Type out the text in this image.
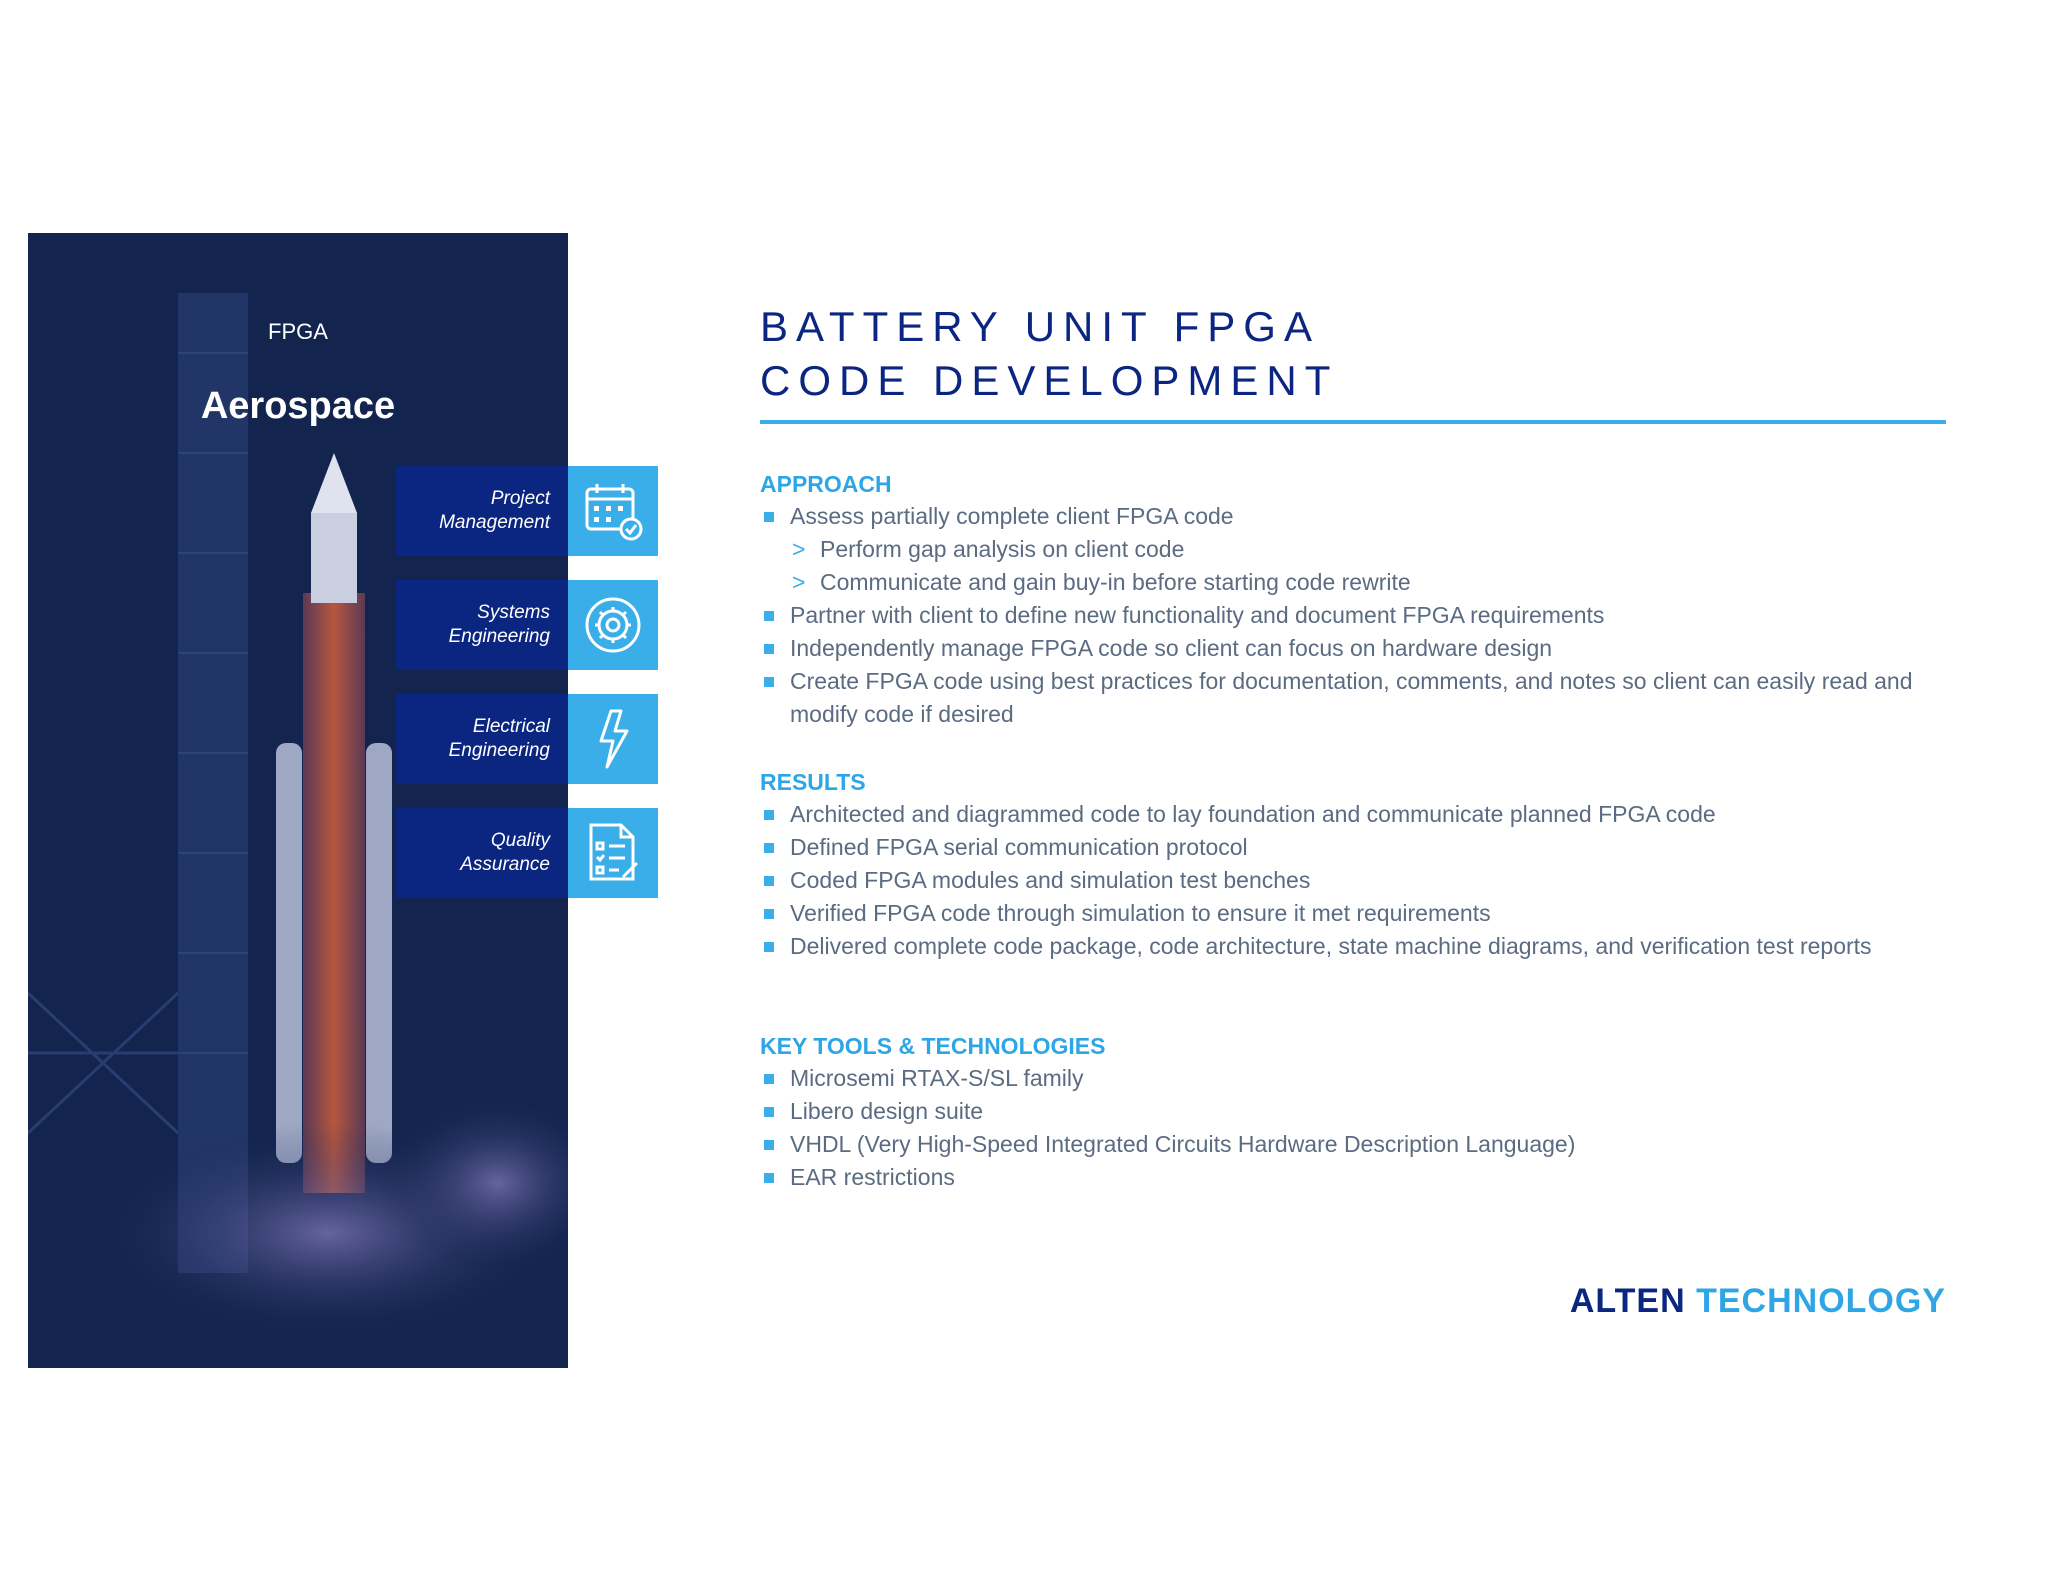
FPGA
Aerospace
Project
Management
Systems
Engineering
Electrical
Engineering
Quality
Assurance
BATTERY UNIT FPGA
CODE DEVELOPMENT
APPROACH
Assess partially complete client FPGA code
> Perform gap analysis on client code
> Communicate and gain buy-in before starting code rewrite
Partner with client to define new functionality and document FPGA requirements
Independently manage FPGA code so client can focus on hardware design
Create FPGA code using best practices for documentation, comments, and notes so client can easily read and modify code if desired
RESULTS
Architected and diagrammed code to lay foundation and communicate planned FPGA code
Defined FPGA serial communication protocol
Coded FPGA modules and simulation test benches
Verified FPGA code through simulation to ensure it met requirements
Delivered complete code package, code architecture, state machine diagrams, and verification test reports
KEY TOOLS & TECHNOLOGIES
Microsemi RTAX-S/SL family
Libero design suite
VHDL (Very High-Speed Integrated Circuits Hardware Description Language)
EAR restrictions
ALTEN TECHNOLOGY
